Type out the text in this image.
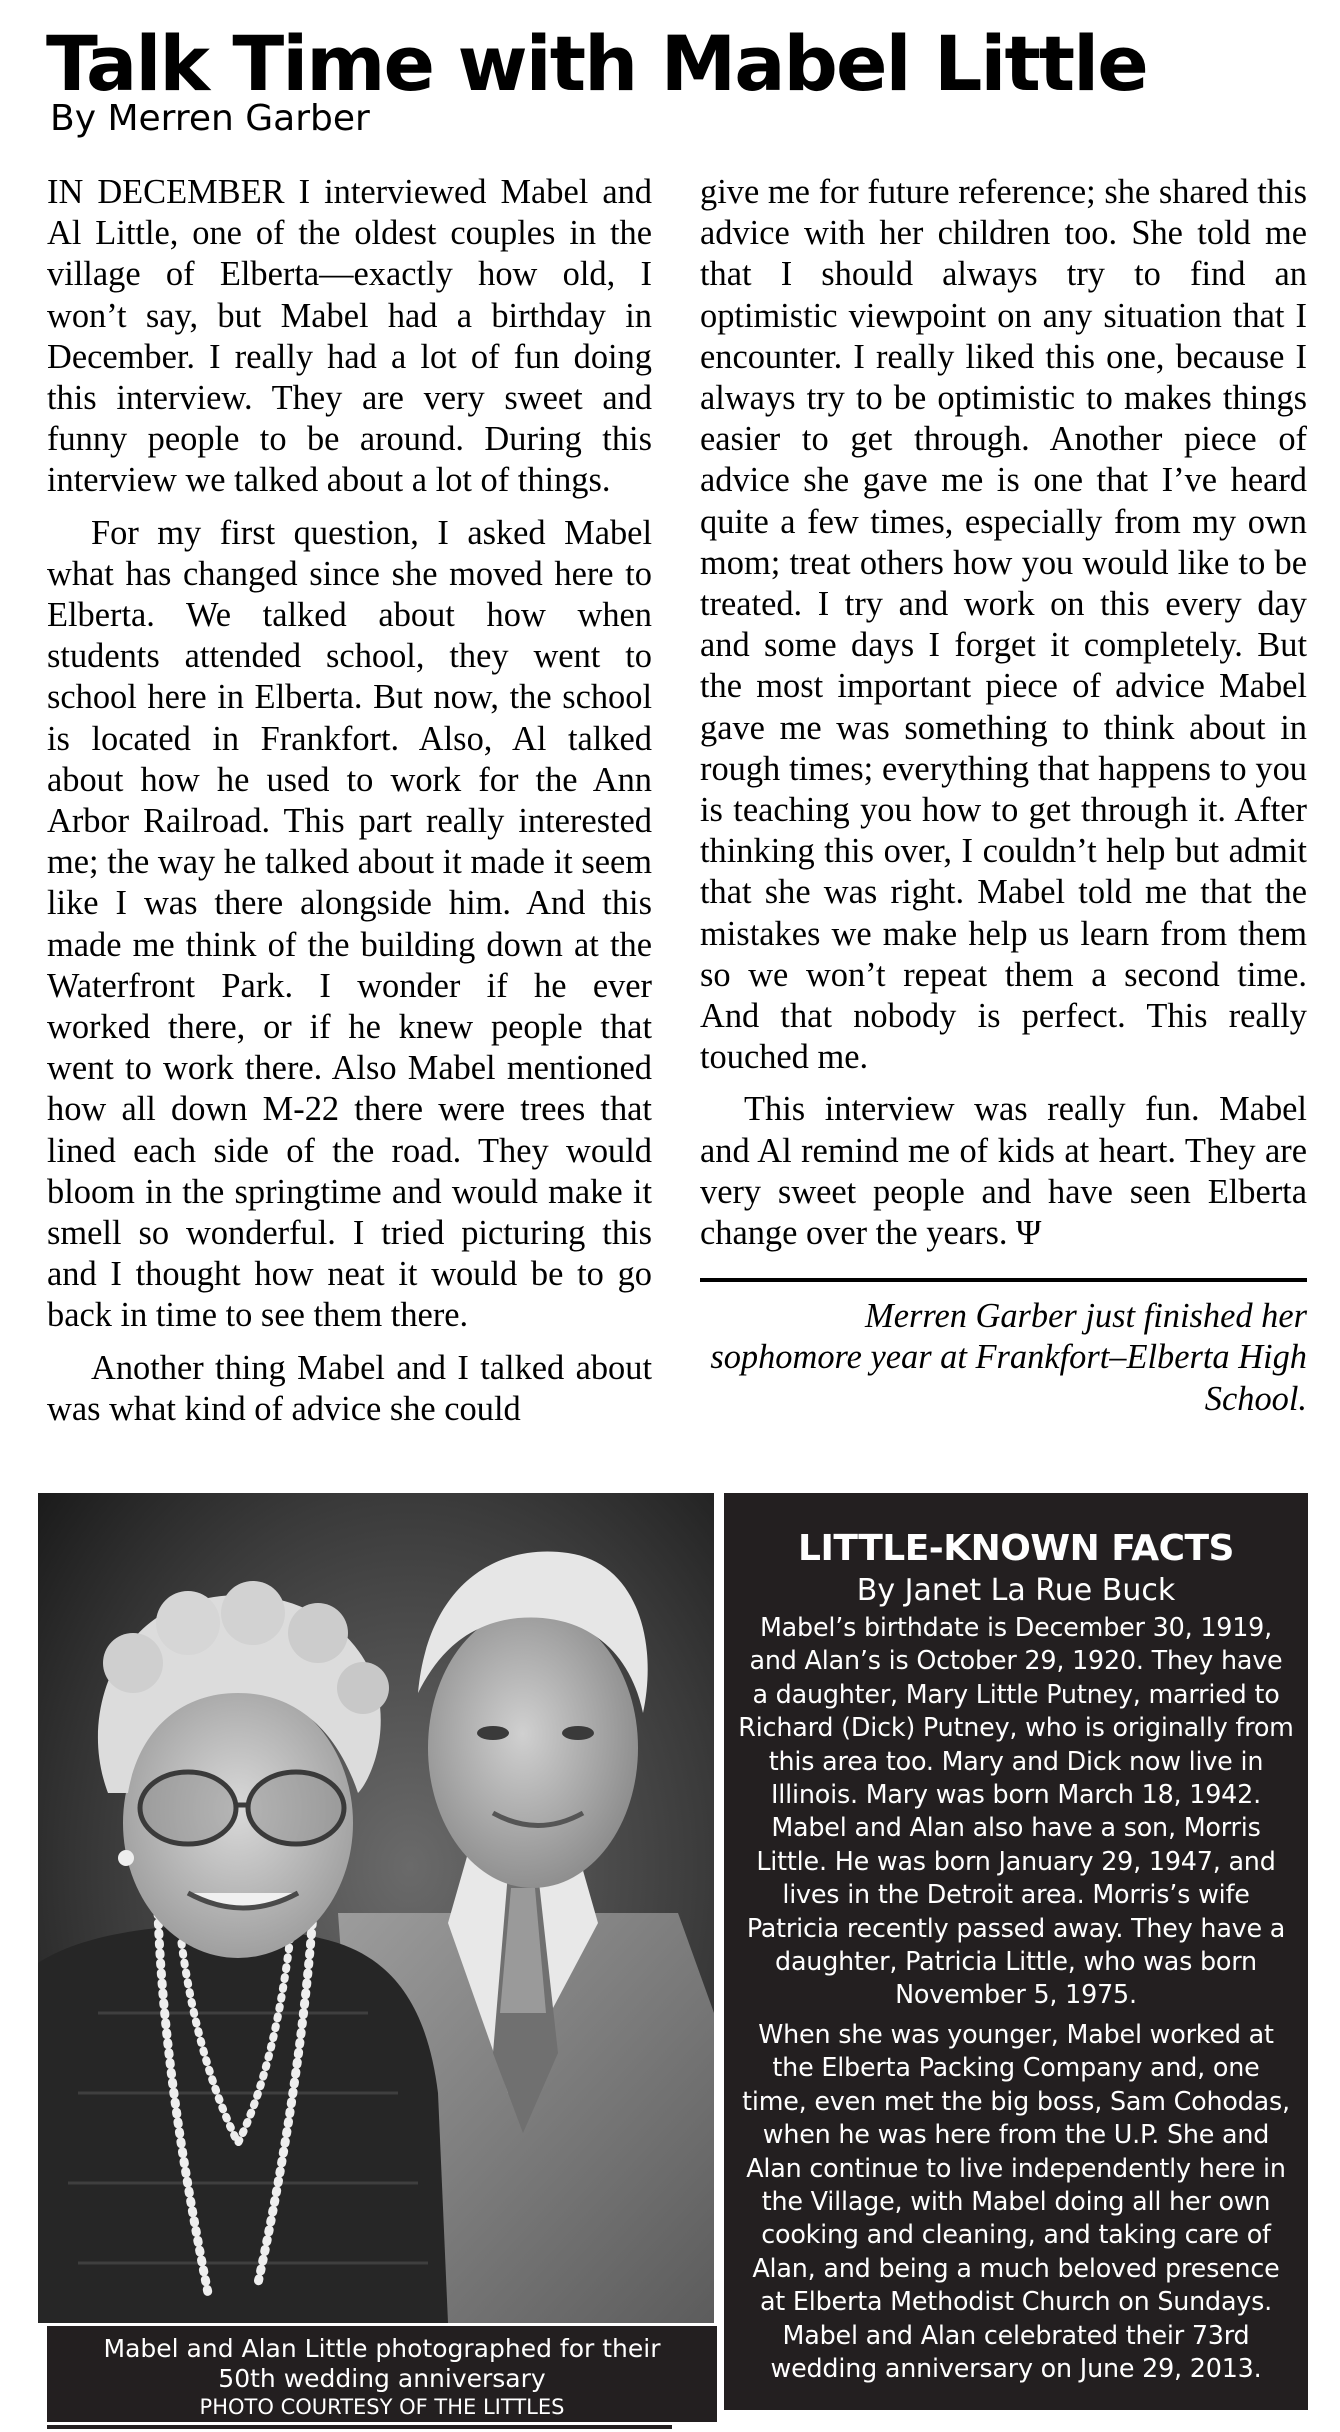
Talk Time with Mabel Little
By Merren Garber

IN DECEMBER I interviewed Mabel and Al Little, one of the oldest couples in the village of Elberta—exactly how old, I won’t say, but Mabel had a birthday in December. I really had a lot of fun doing this interview. They are very sweet and funny people to be around. During this interview we talked about a lot of things.

For my first question, I asked Mabel what has changed since she moved here to Elberta. We talked about how when students attended school, they went to school here in Elberta. But now, the school is located in Frankfort. Also, Al talked about how he used to work for the Ann Arbor Railroad. This part really interested me; the way he talked about it made it seem like I was there alongside him. And this made me think of the building down at the Waterfront Park. I wonder if he ever worked there, or if he knew people that went to work there. Also Mabel mentioned how all down M-22 there were trees that lined each side of the road. They would bloom in the springtime and would make it smell so wonderful. I tried picturing this and I thought how neat it would be to go back in time to see them there.

Another thing Mabel and I talked about was what kind of advice she could

give me for future reference; she shared this advice with her children too. She told me that I should always try to find an optimistic viewpoint on any situation that I encounter. I really liked this one, because I always try to be optimistic to makes things easier to get through. Another piece of advice she gave me is one that I’ve heard quite a few times, especially from my own mom; treat others how you would like to be treated. I try and work on this every day and some days I forget it completely. But the most important piece of advice Mabel gave me was something to think about in rough times; everything that happens to you is teaching you how to get through it. After thinking this over, I couldn’t help but admit that she was right. Mabel told me that the mistakes we make help us learn from them so we won’t repeat them a second time. And that nobody is perfect. This really touched me.

This interview was really fun. Mabel and Al remind me of kids at heart. They are very sweet people and have seen Elberta change over the years. Ψ

Merren Garber just finished her sophomore year at Frankfort–Elberta High School.

Mabel and Alan Little photographed for their 50th wedding anniversary
PHOTO COURTESY OF THE LITTLES
LITTLE-KNOWN FACTS
By Janet La Rue Buck

Mabel’s birthdate is December 30, 1919, and Alan’s is October 29, 1920. They have a daughter, Mary Little Putney, married to Richard (Dick) Putney, who is originally from this area too. Mary and Dick now live in Illinois. Mary was born March 18, 1942. Mabel and Alan also have a son, Morris Little. He was born January 29, 1947, and lives in the Detroit area. Morris’s wife Patricia recently passed away. They have a daughter, Patricia Little, who was born November 5, 1975.

When she was younger, Mabel worked at the Elberta Packing Company and, one time, even met the big boss, Sam Cohodas, when he was here from the U.P. She and Alan continue to live independently here in the Village, with Mabel doing all her own cooking and cleaning, and taking care of Alan, and being a much beloved presence at Elberta Methodist Church on Sundays. Mabel and Alan celebrated their 73rd wedding anniversary on June 29, 2013.
